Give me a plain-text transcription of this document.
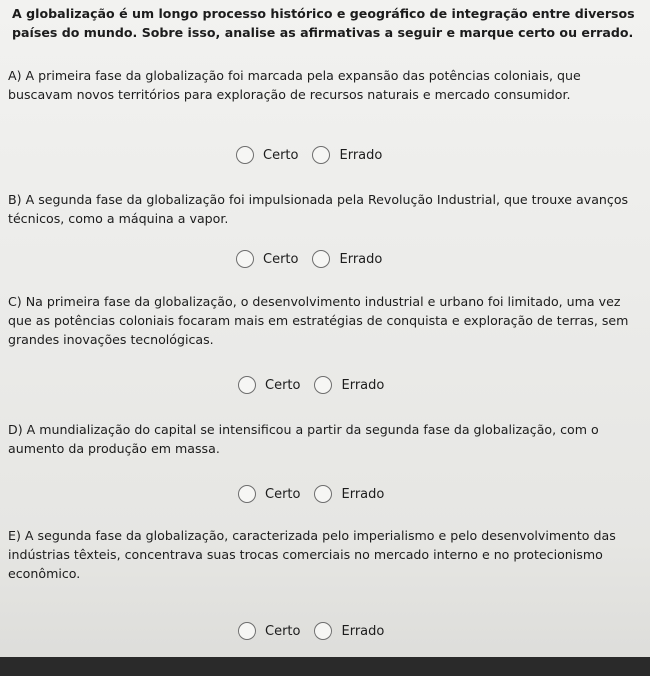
A globalização é um longo processo histórico e geográfico de integração entre diversos países do mundo. Sobre isso, analise as afirmativas a seguir e marque certo ou errado.
A) A primeira fase da globalização foi marcada pela expansão das potências coloniais, que buscavam novos territórios para exploração de recursos naturais e mercado consumidor.
Certo	Errado
B) A segunda fase da globalização foi impulsionada pela Revolução Industrial, que trouxe avanços técnicos, como a máquina a vapor.
Certo	Errado
C) Na primeira fase da globalização, o desenvolvimento industrial e urbano foi limitado, uma vez que as potências coloniais focaram mais em estratégias de conquista e exploração de terras, sem grandes inovações tecnológicas.
Certo	Errado
D) A mundialização do capital se intensificou a partir da segunda fase da globalização, com o aumento da produção em massa.
Certo	Errado
E) A segunda fase da globalização, caracterizada pelo imperialismo e pelo desenvolvimento das indústrias têxteis, concentrava suas trocas comerciais no mercado interno e no protecionismo econômico.
Certo	Errado
